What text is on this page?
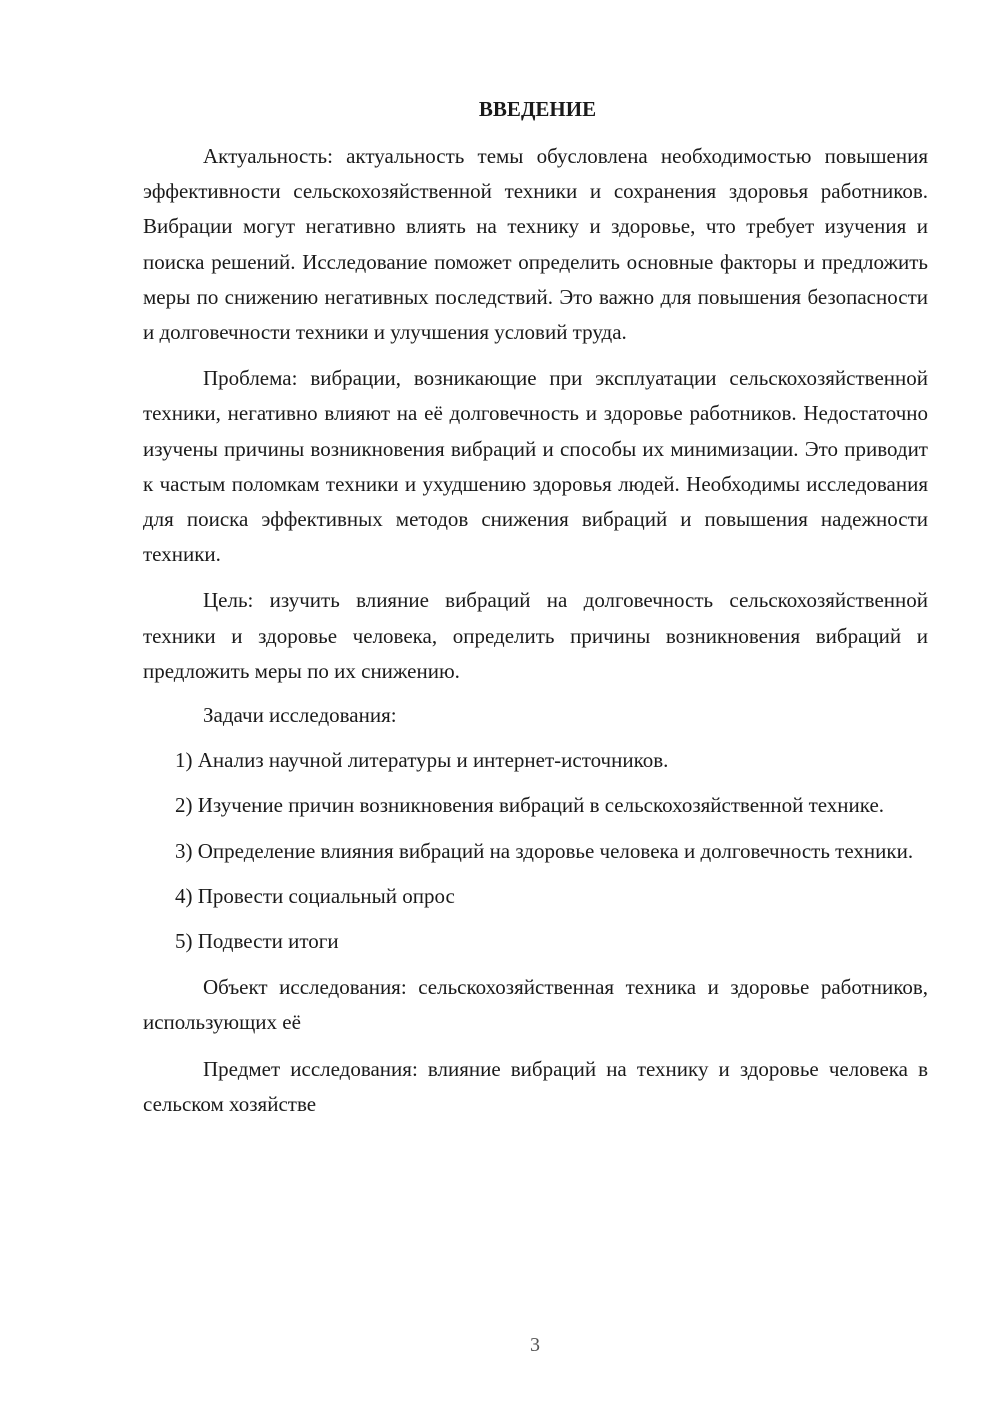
ВВЕДЕНИЕ

Актуальность: актуальность темы обусловлена необходимостью повышения эффективности сельскохозяйственной техники и сохранения здоровья работников. Вибрации могут негативно влиять на технику и здоровье, что требует изучения и поиска решений. Исследование поможет определить основные факторы и предложить меры по снижению негативных последствий. Это важно для повышения безопасности и долговечности техники и улучшения условий труда.

Проблема: вибрации, возникающие при эксплуатации сельскохозяйственной техники, негативно влияют на её долговечность и здоровье работников. Недостаточно изучены причины возникновения вибраций и способы их минимизации. Это приводит к частым поломкам техники и ухудшению здоровья людей. Необходимы исследования для поиска эффективных методов снижения вибраций и повышения надежности техники.

Цель: изучить влияние вибраций на долговечность сельскохозяйственной техники и здоровье человека, определить причины возникновения вибраций и предложить меры по их снижению.

Задачи исследования:

1) Анализ научной литературы и интернет-источников.

2) Изучение причин возникновения вибраций в сельскохозяйственной технике.

3) Определение влияния вибраций на здоровье человека и долговечность техники.

4) Провести социальный опрос

5) Подвести итоги

Объект исследования: сельскохозяйственная техника и здоровье работников, использующих её

Предмет исследования: влияние вибраций на технику и здоровье человека в сельском хозяйстве

3
